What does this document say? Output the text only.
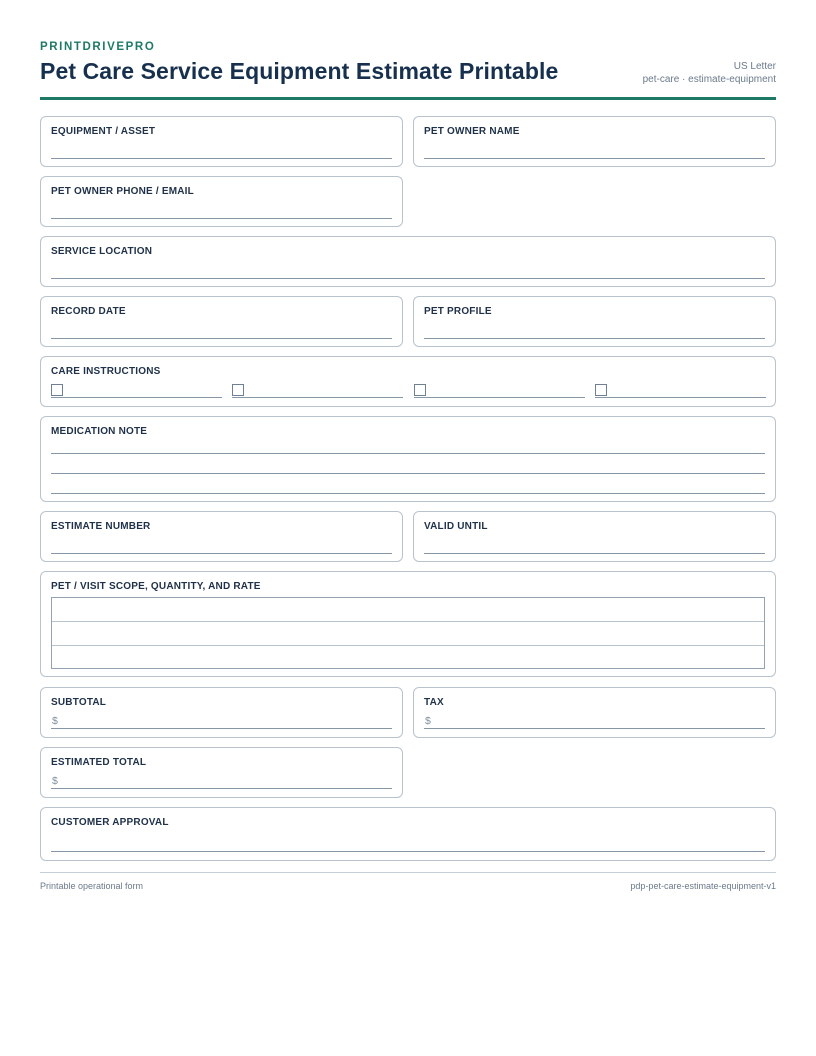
PRINTDRIVEPRO
Pet Care Service Equipment Estimate Printable	US Letter
pet-care · estimate-equipment
EQUIPMENT / ASSET	PET OWNER NAME
PET OWNER PHONE / EMAIL
SERVICE LOCATION
RECORD DATE	PET PROFILE
CARE INSTRUCTIONS
MEDICATION NOTE
ESTIMATE NUMBER	VALID UNTIL
PET / VISIT SCOPE, QUANTITY, AND RATE
SUBTOTAL
$
TAX
$
ESTIMATED TOTAL
$
CUSTOMER APPROVAL
Printable operational form	pdp-pet-care-estimate-equipment-v1
